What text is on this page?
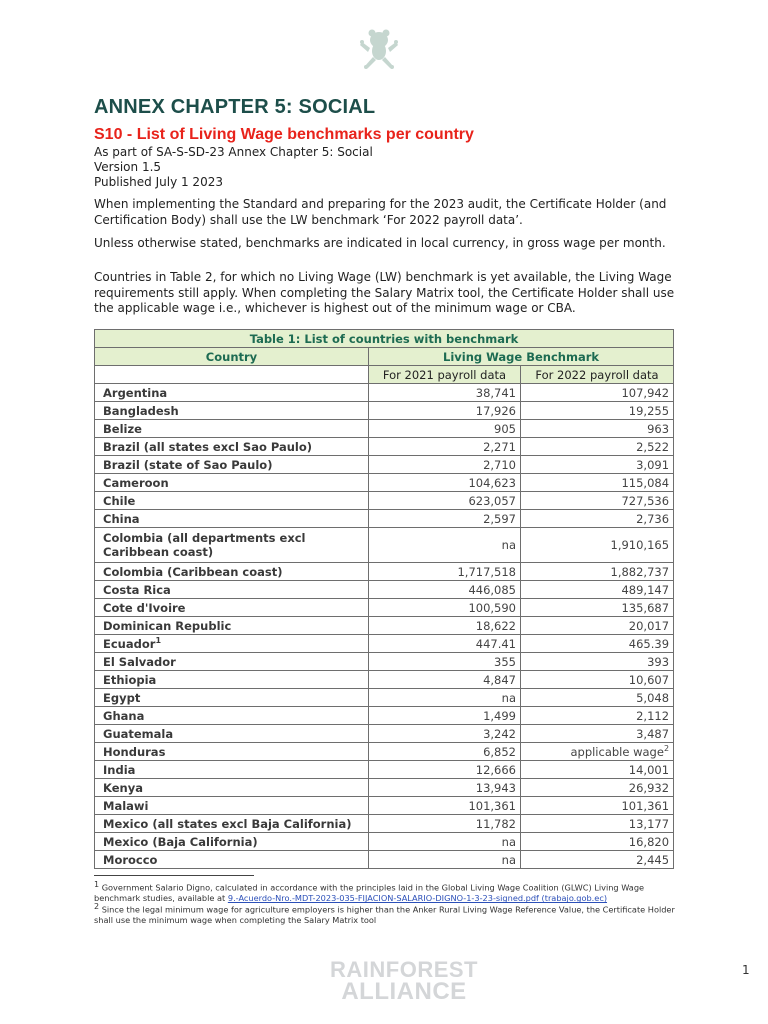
ANNEX CHAPTER 5: SOCIAL
S10 - List of Living Wage benchmarks per country
As part of SA-S-SD-23 Annex Chapter 5: Social
Version 1.5
Published July 1 2023
When implementing the Standard and preparing for the 2023 audit, the Certificate Holder (and Certification Body) shall use the LW benchmark ‘For 2022 payroll data’.
Unless otherwise stated, benchmarks are indicated in local currency, in gross wage per month.
Countries in Table 2, for which no Living Wage (LW) benchmark is yet available, the Living Wage requirements still apply. When completing the Salary Matrix tool, the Certificate Holder shall use the applicable wage i.e., whichever is highest out of the minimum wage or CBA.
Table 1: List of countries with benchmark		
Country	Living Wage Benchmark	
	For 2021 payroll data	For 2022 payroll data
Argentina	38,741	107,942
Bangladesh	17,926	19,255
Belize	905	963
Brazil (all states excl Sao Paulo)	2,271	2,522
Brazil (state of Sao Paulo)	2,710	3,091
Cameroon	104,623	115,084
Chile	623,057	727,536
China	2,597	2,736
Colombia (all departments excl Caribbean coast)	na	1,910,165
Colombia (Caribbean coast)	1,717,518	1,882,737
Costa Rica	446,085	489,147
Cote d'Ivoire	100,590	135,687
Dominican Republic	18,622	20,017
Ecuador$^1$	447.41	465.39
El Salvador	355	393
Ethiopia	4,847	10,607
Egypt	na	5,048
Ghana	1,499	2,112
Guatemala	3,242	3,487
Honduras	6,852	applicable wage$^2$
India	12,666	14,001
Kenya	13,943	26,932
Malawi	101,361	101,361
Mexico (all states excl Baja California)	11,782	13,177
Mexico (Baja California)	na	16,820
Morocco	na	2,445
$^1$ Government Salario Digno, calculated in accordance with the principles laid in the Global Living Wage Coalition (GLWC) Living Wage benchmark studies, available at 9.-Acuerdo-Nro.-MDT-2023-035-FIJACION-SALARIO-DIGNO-1-3-23-signed.pdf (trabajo.gob.ec)
$^2$ Since the legal minimum wage for agriculture employers is higher than the Anker Rural Living Wage Reference Value, the Certificate Holder shall use the minimum wage when completing the Salary Matrix tool
RAINFOREST
ALLIANCE
1
